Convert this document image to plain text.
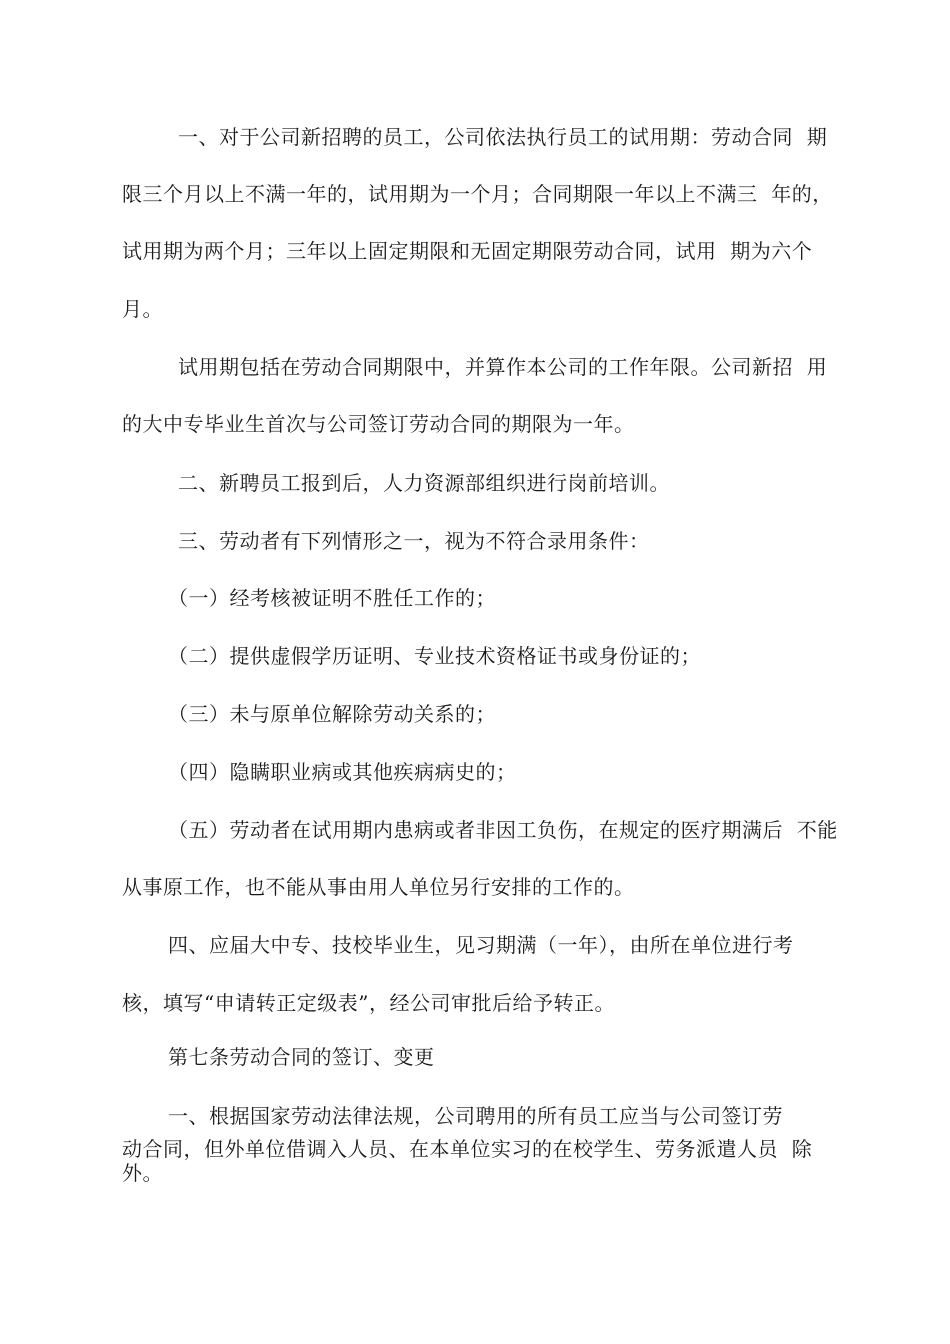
一、对于公司新招聘的员工，公司依法执行员工的试用期：劳动合同  期
限三个月以上不满一年的，试用期为一个月；合同期限一年以上不满三  年的，
试用期为两个月；三年以上固定期限和无固定期限劳动合同，试用  期为六个
月。
试用期包括在劳动合同期限中，并算作本公司的工作年限。公司新招  用
的大中专毕业生首次与公司签订劳动合同的期限为一年。
二、新聘员工报到后，人力资源部组织进行岗前培训。
三、劳动者有下列情形之一，视为不符合录用条件：
（一）经考核被证明不胜任工作的；
（二）提供虚假学历证明、专业技术资格证书或身份证的；
（三）未与原单位解除劳动关系的；
（四）隐瞒职业病或其他疾病病史的；
（五）劳动者在试用期内患病或者非因工负伤，在规定的医疗期满后  不能
从事原工作，也不能从事由用人单位另行安排的工作的。
四、应届大中专、技校毕业生，见习期满（一年），由所在单位进行考
核，填写“申请转正定级表”，经公司审批后给予转正。
第七条劳动合同的签订、变更
一、根据国家劳动法律法规，公司聘用的所有员工应当与公司签订劳
动合同，但外单位借调入人员、在本单位实习的在校学生、劳务派遣人员  除
外。
